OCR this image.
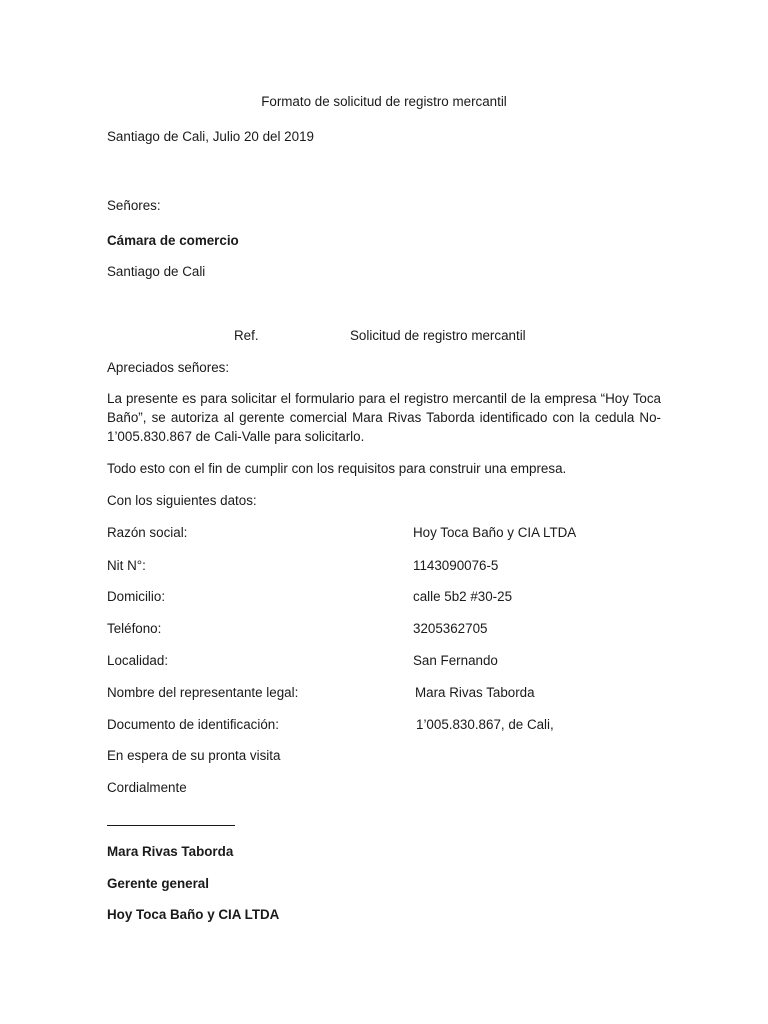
Formato de solicitud de registro mercantil
Santiago de Cali, Julio 20 del 2019
Señores:
Cámara de comercio
Santiago de Cali
Ref.	Solicitud de registro mercantil
Apreciados señores:
La presente es para solicitar el formulario para el registro mercantil de la empresa “Hoy Toca Baño”, se autoriza al gerente comercial Mara Rivas Taborda identificado con la cedula No- 1’005.830.867 de Cali-Valle para solicitarlo.
Todo esto con el fin de cumplir con los requisitos para construir una empresa.
Con los siguientes datos:
Razón social:	Hoy Toca Baño y CIA LTDA
Nit N°:	1143090076-5
Domicilio:	calle 5b2 #30-25
Teléfono:	3205362705
Localidad:	San Fernando
Nombre del representante legal:	Mara Rivas Taborda
Documento de identificación:	1’005.830.867, de Cali,
En espera de su pronta visita
Cordialmente
Mara Rivas Taborda
Gerente general
Hoy Toca Baño y CIA LTDA
